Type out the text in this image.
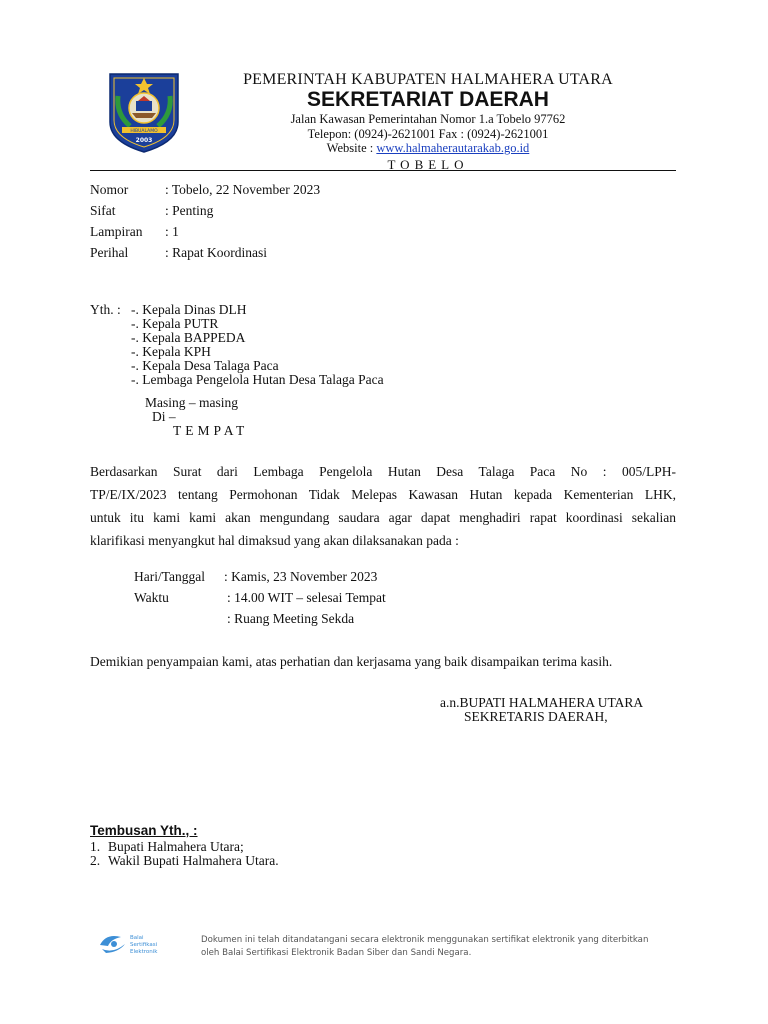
HIBUALAMO
2003
PEMERINTAH KABUPATEN HALMAHERA UTARA
SEKRETARIAT DAERAH
Jalan Kawasan Pemerintahan Nomor 1.a Tobelo 97762
Telepon: (0924)-2621001 Fax : (0924)-2621001
Website : www.halmaherautarakab.go.id
TOBELO
Nomor	: Tobelo, 22 November 2023
Sifat	: Penting
Lampiran : 1
Perihal	: Rapat Koordinasi
Yth. : -. Kepala Dinas DLH
-. Kepala PUTR
-. Kepala BAPPEDA
-. Kepala KPH
-. Kepala Desa Talaga Paca
-. Lembaga Pengelola Hutan Desa Talaga Paca
Masing – masing
Di –
TEMPAT
Berdasarkan Surat dari Lembaga Pengelola Hutan Desa Talaga Paca No : 005/LPH-
TP/E/IX/2023 tentang Permohonan Tidak Melepas Kawasan Hutan kepada Kementerian LHK,
untuk itu kami kami akan mengundang saudara agar dapat menghadiri rapat koordinasi sekalian
klarifikasi menyangkut hal dimaksud yang akan dilaksanakan pada :
Hari/Tanggal : Kamis, 23 November 2023
Waktu	: 14.00 WIT – selesai Tempat
: Ruang Meeting Sekda
Demikian penyampaian kami, atas perhatian dan kerjasama yang baik disampaikan terima kasih.
a.n.BUPATI HALMAHERA UTARA
SEKRETARIS DAERAH,
Tembusan Yth., :
1. Bupati Halmahera Utara;
2. Wakil Bupati Halmahera Utara.
Balai
Sertifikasi
Elektronik
Dokumen ini telah ditandatangani secara elektronik menggunakan sertifikat elektronik yang diterbitkan
oleh Balai Sertifikasi Elektronik Badan Siber dan Sandi Negara.
